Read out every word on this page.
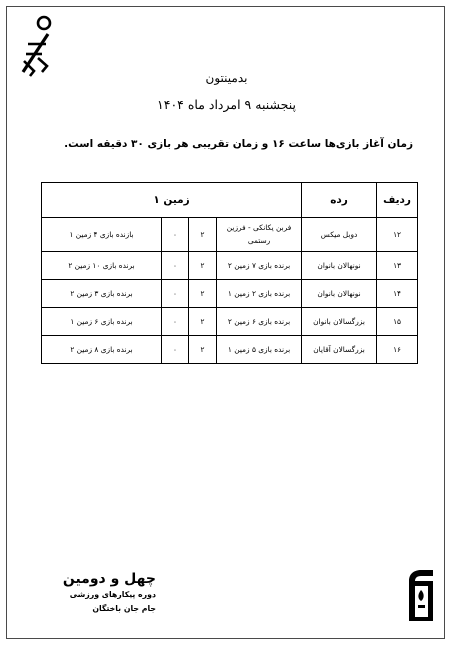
بدمینتون
پنجشنبه ۹ امرداد ماه ۱۴۰۴
زمان آغاز بازی‌ها ساعت ۱۶ و زمان تقریبی هر بازی ۳۰ دقیقه است.
ردیف	رده	زمین ۱			
۱۲	دوبل میکس	فربن یکانکی - فرزین رستمی	۲	۰	بازنده بازی ۴ زمین ۱
۱۳	نونهالان بانوان	برنده بازی ۷ زمین ۲	۲	۰	برنده بازی ۱۰ زمین ۲
۱۴	نونهالان بانوان	برنده بازی ۲ زمین ۱	۲	۰	برنده بازی ۳ زمین ۲
۱۵	بزرگسالان بانوان	برنده بازی ۶ زمین ۲	۲	۰	برنده بازی ۶ زمین ۱
۱۶	بزرگسالان آقایان	برنده بازی ۵ زمین ۱	۲	۰	برنده بازی ۸ زمین ۲
چهل و دومین
دوره پیکارهای ورزشی
جام جان باختگان
